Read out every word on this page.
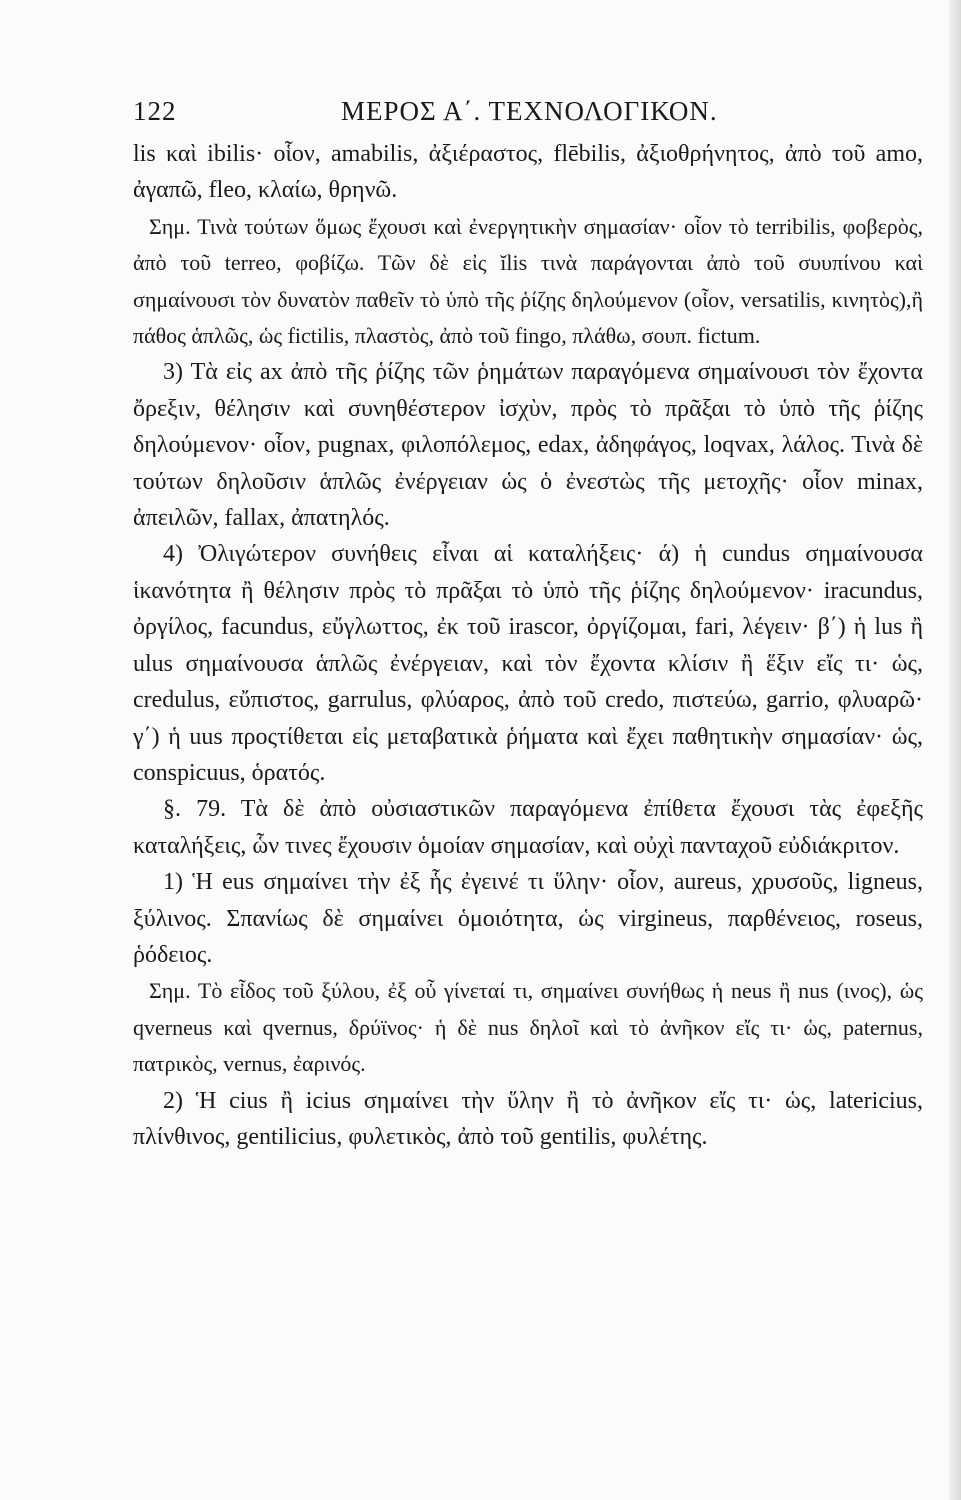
122	ΜΕΡΟΣ Α΄. ΤΕΧΝΟΛΟΓΙΚΟΝ.

lis καὶ ibilis· οἷον, amabilis, ἀξιέραστος, flēbilis, ἀξιοθρήνητος, ἀπὸ τοῦ amo, ἀγαπῶ, fleo, κλαίω, θρηνῶ.

Σημ. Τινὰ τούτων ὅμως ἔχουσι καὶ ἐνεργητικὴν σημασίαν· οἷον τὸ terribilis, φοβερὸς, ἀπὸ τοῦ terreo, φοβίζω. Τῶν δὲ εἰς ĭlis τινὰ παράγονται ἀπὸ τοῦ συυπίνου καὶ σημαίνουσι τὸν δυνατὸν παθεῖν τὸ ὑπὸ τῆς ῥίζης δηλούμενον (οἷον, versatilis, κινητὸς),ἢ πάθος ἁπλῶς, ὡς fictilis, πλαστὸς, ἀπὸ τοῦ fingo, πλάθω, σουπ. fictum.

3) Τὰ εἰς ax ἀπὸ τῆς ῥίζης τῶν ῥημάτων παραγόμενα σημαίνουσι τὸν ἔχοντα ὄρεξιν, θέλησιν καὶ συνηθέστερον ἰσχὺν, πρὸς τὸ πρᾶξαι τὸ ὑπὸ τῆς ῥίζης δηλούμενον· οἷον, pugnax, φιλοπόλεμος, edax, ἀδηφάγος, loqvax, λάλος. Τινὰ δὲ τούτων δηλοῦσιν ἁπλῶς ἐνέργειαν ὡς ὁ ἐνεστὼς τῆς μετοχῆς· οἷον minax, ἀπειλῶν, fallax, ἀπατηλός.

4) Ὀλιγώτερον συνήθεις εἶναι αἱ καταλήξεις· ά) ἡ cundus σημαίνουσα ἱκανότητα ἢ θέλησιν πρὸς τὸ πρᾶξαι τὸ ὑπὸ τῆς ῥίζης δηλούμενον· iracundus, ὀργίλος, facundus, εὔγλωττος, ἐκ τοῦ irascor, ὀργίζομαι, fari, λέγειν· β΄) ἡ lus ἢ ulus σημαίνουσα ἁπλῶς ἐνέργειαν, καὶ τὸν ἔχοντα κλίσιν ἢ ἕξιν εἴς τι· ὡς, credulus, εὔπιστος, garrulus, φλύαρος, ἀπὸ τοῦ credo, πιστεύω, garrio, φλυαρῶ· γ΄) ἡ uus προςτίθεται εἰς μεταβατικὰ ῥήματα καὶ ἔχει παθητικὴν σημασίαν· ὡς, conspicuus, ὁρατός.

§. 79. Τὰ δὲ ἀπὸ οὐσιαστικῶν παραγόμενα ἐπίθετα ἔχουσι τὰς ἐφεξῆς καταλήξεις, ὧν τινες ἔχουσιν ὁμοίαν σημασίαν, καὶ οὐχὶ πανταχοῦ εὐδιάκριτον.

1) Ἡ eus σημαίνει τὴν ἐξ ἧς ἐγεινέ τι ὕλην· οἷον, aureus, χρυσοῦς, ligneus, ξύλινος. Σπανίως δὲ σημαίνει ὁμοιότητα, ὡς virgineus, παρθένειος, roseus, ῥόδειος.

Σημ. Τὸ εἶδος τοῦ ξύλου, ἐξ οὗ γίνεταί τι, σημαίνει συνήθως ἡ neus ἢ nus (ινος), ὡς qverneus καὶ qvernus, δρύϊνος· ἡ δὲ nus δηλοῖ καὶ τὸ ἀνῆκον εἴς τι· ὡς, paternus, πατρικὸς, vernus, ἐαρινός.

2) Ἡ cius ἢ icius σημαίνει τὴν ὕλην ἢ τὸ ἀνῆκον εἴς τι· ὡς, latericius, πλίνθινος, gentilicius, φυλετικὸς, ἀπὸ τοῦ gentilis, φυλέτης.
